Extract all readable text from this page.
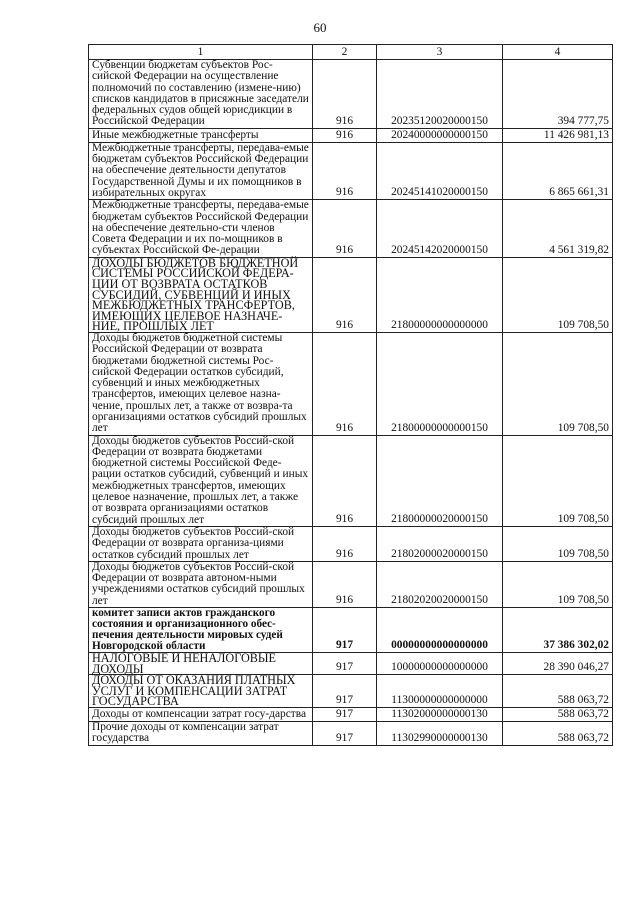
60
1	2	3	4
Субвенции бюджетам субъектов Рос-сийской Федерации на осуществление полномочий по составлению (измене-нию) списков кандидатов в присяжные заседатели федеральных судов общей юрисдикции в Российской Федерации	916	20235120020000150	394 777,75
Иные межбюджетные трансферты	916	20240000000000150	11 426 981,13
Межбюджетные трансферты, передава-емые бюджетам субъектов Российской Федерации на обеспечение деятельности депутатов Государственной Думы и их помощников в избирательных округах	916	20245141020000150	6 865 661,31
Межбюджетные трансферты, передава-емые бюджетам субъектов Российской Федерации на обеспечение деятельно-сти членов Совета Федерации и их по-мощников в субъектах Российской Фе-дерации	916	20245142020000150	4 561 319,82
ДОХОДЫ БЮДЖЕТОВ БЮДЖЕТНОЙ СИСТЕМЫ РОССИЙСКОЙ ФЕДЕРА-ЦИИ ОТ ВОЗВРАТА ОСТАТКОВ СУБСИДИЙ, СУБВЕНЦИЙ И ИНЫХ МЕЖБЮДЖЕТНЫХ ТРАНСФЕРТОВ, ИМЕЮЩИХ ЦЕЛЕВОЕ НАЗНАЧЕ-НИЕ, ПРОШЛЫХ ЛЕТ	916	21800000000000000	109 708,50
Доходы бюджетов бюджетной системы Российской Федерации от возврата бюджетами бюджетной системы Рос-сийской Федерации остатков субсидий, субвенций и иных межбюджетных трансфертов, имеющих целевое назна-чение, прошлых лет, а также от возвра-та организациями остатков субсидий прошлых лет	916	21800000000000150	109 708,50
Доходы бюджетов субъектов Россий-ской Федерации от возврата бюджетами бюджетной системы Российской Феде-рации остатков субсидий, субвенций и иных межбюджетных трансфертов, имеющих целевое назначение, прошлых лет, а также от возврата организациями остатков субсидий прошлых лет	916	21800000020000150	109 708,50
Доходы бюджетов субъектов Россий-ской Федерации от возврата организа-циями остатков субсидий прошлых лет	916	21802000020000150	109 708,50
Доходы бюджетов субъектов Россий-ской Федерации от возврата автоном-ными учреждениями остатков субсидий прошлых лет	916	21802020020000150	109 708,50
комитет записи актов гражданского состояния и организационного обес-печения деятельности мировых судей Новгородской области	917	00000000000000000	37 386 302,02
НАЛОГОВЫЕ И НЕНАЛОГОВЫЕ ДОХОДЫ	917	10000000000000000	28 390 046,27
ДОХОДЫ ОТ ОКАЗАНИЯ ПЛАТНЫХ УСЛУГ И КОМПЕНСАЦИИ ЗАТРАТ ГОСУДАРСТВА	917	11300000000000000	588 063,72
Доходы от компенсации затрат госу-дарства	917	11302000000000130	588 063,72
Прочие доходы от компенсации затрат государства	917	11302990000000130	588 063,72
